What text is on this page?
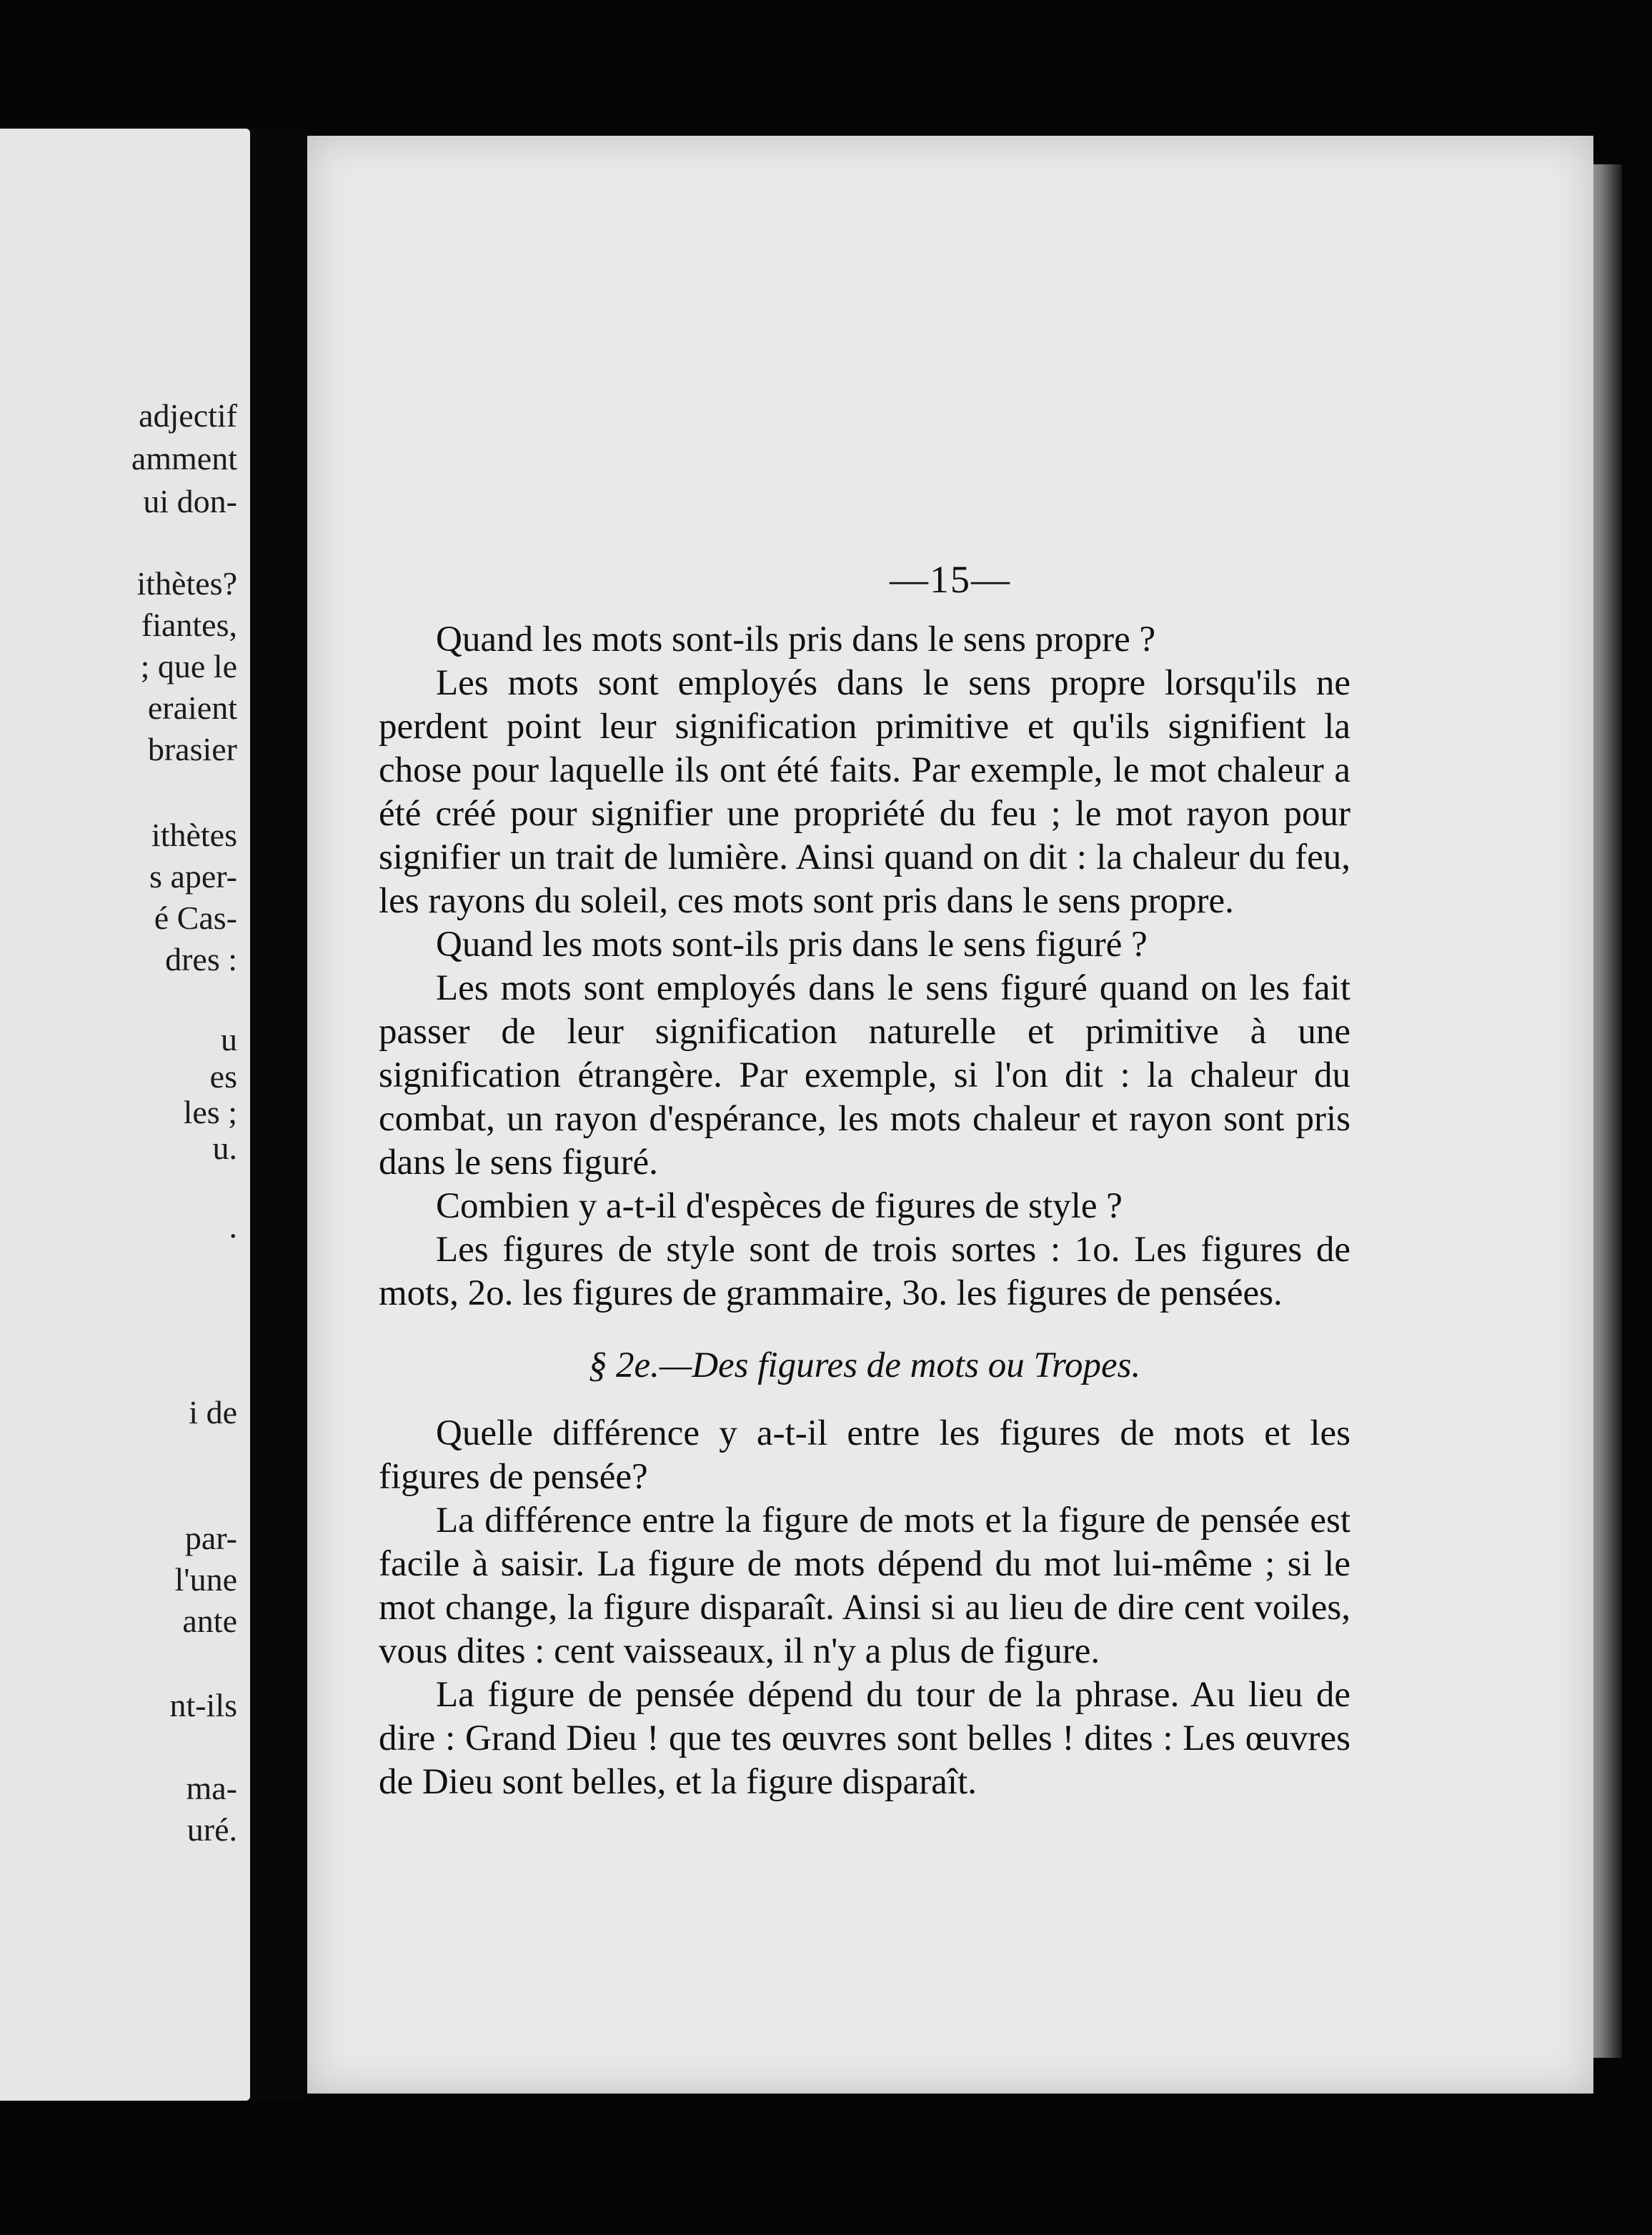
adjectif
amment
ui don-
ithètes?
fiantes,
; que le
eraient
brasier
ithètes
s aper-
é Cas-
dres :
u
es
les ;
u.
.
i de
par-
l'une
ante
nt-ils
ma-
uré.
—15—

Quand les mots sont-ils pris dans le sens propre ?

Les mots sont employés dans le sens propre lorsqu'ils ne perdent point leur signification primitive et qu'ils signifient la chose pour laquelle ils ont été faits. Par exemple, le mot chaleur a été créé pour signifier une propriété du feu ; le mot rayon pour signifier un trait de lumière. Ainsi quand on dit : la chaleur du feu, les rayons du soleil, ces mots sont pris dans le sens propre.

Quand les mots sont-ils pris dans le sens figuré ?

Les mots sont employés dans le sens figuré quand on les fait passer de leur signification naturelle et primitive à une signification étrangère. Par exemple, si l'on dit : la chaleur du combat, un rayon d'espérance, les mots chaleur et rayon sont pris dans le sens figuré.

Combien y a-t-il d'espèces de figures de style ?

Les figures de style sont de trois sortes : 1o. Les figures de mots, 2o. les figures de grammaire, 3o. les figures de pensées.

§ 2e.—Des figures de mots ou Tropes.

Quelle différence y a-t-il entre les figures de mots et les figures de pensée?

La différence entre la figure de mots et la figure de pensée est facile à saisir. La figure de mots dépend du mot lui-même ; si le mot change, la figure disparaît. Ainsi si au lieu de dire cent voiles, vous dites : cent vaisseaux, il n'y a plus de figure.

La figure de pensée dépend du tour de la phrase. Au lieu de dire : Grand Dieu ! que tes œuvres sont belles ! dites : Les œuvres de Dieu sont belles, et la figure disparaît.
